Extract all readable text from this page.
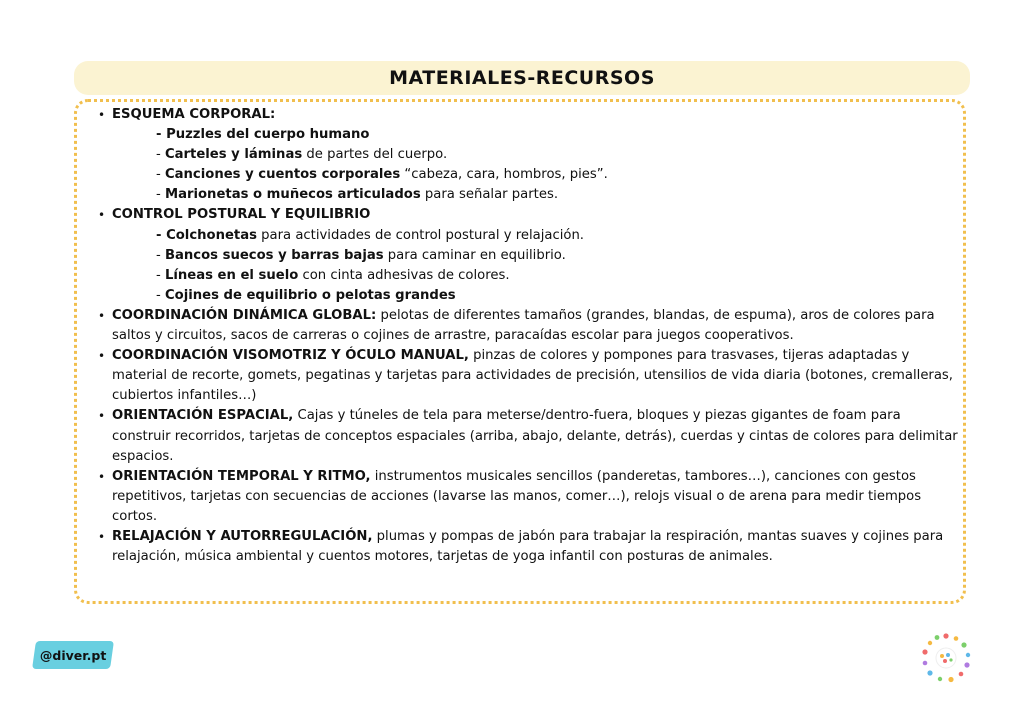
MATERIALES-RECURSOS
• ESQUEMA CORPORAL:
- Puzzles del cuerpo humano
- Carteles y láminas de partes del cuerpo.
- Canciones y cuentos corporales “cabeza, cara, hombros, pies”.
- Marionetas o muñecos articulados para señalar partes.
• CONTROL POSTURAL Y EQUILIBRIO
- Colchonetas para actividades de control postural y relajación.
- Bancos suecos y barras bajas para caminar en equilibrio.
- Líneas en el suelo con cinta adhesivas de colores.
- Cojines de equilibrio o pelotas grandes
• COORDINACIÓN DINÁMICA GLOBAL: pelotas de diferentes tamaños (grandes, blandas, de espuma), aros de colores para saltos y circuitos, sacos de carreras o cojines de arrastre, paracaídas escolar para juegos cooperativos.
• COORDINACIÓN VISOMOTRIZ Y ÓCULO MANUAL, pinzas de colores y pompones para trasvases, tijeras adaptadas y material de recorte, gomets, pegatinas y tarjetas para actividades de precisión, utensilios de vida diaria (botones, cremalleras, cubiertos infantiles…)
• ORIENTACIÓN ESPACIAL, Cajas y túneles de tela para meterse/dentro-fuera, bloques y piezas gigantes de foam para construir recorridos, tarjetas de conceptos espaciales (arriba, abajo, delante, detrás), cuerdas y cintas de colores para delimitar espacios.
• ORIENTACIÓN TEMPORAL Y RITMO, instrumentos musicales sencillos (panderetas, tambores…), canciones con gestos repetitivos, tarjetas con secuencias de acciones (lavarse las manos, comer…), relojs visual o de arena para medir tiempos cortos.
• RELAJACIÓN Y AUTORREGULACIÓN, plumas y pompas de jabón para trabajar la respiración, mantas suaves y cojines para relajación, música ambiental y cuentos motores, tarjetas de yoga infantil con posturas de animales.
@diver.pt
